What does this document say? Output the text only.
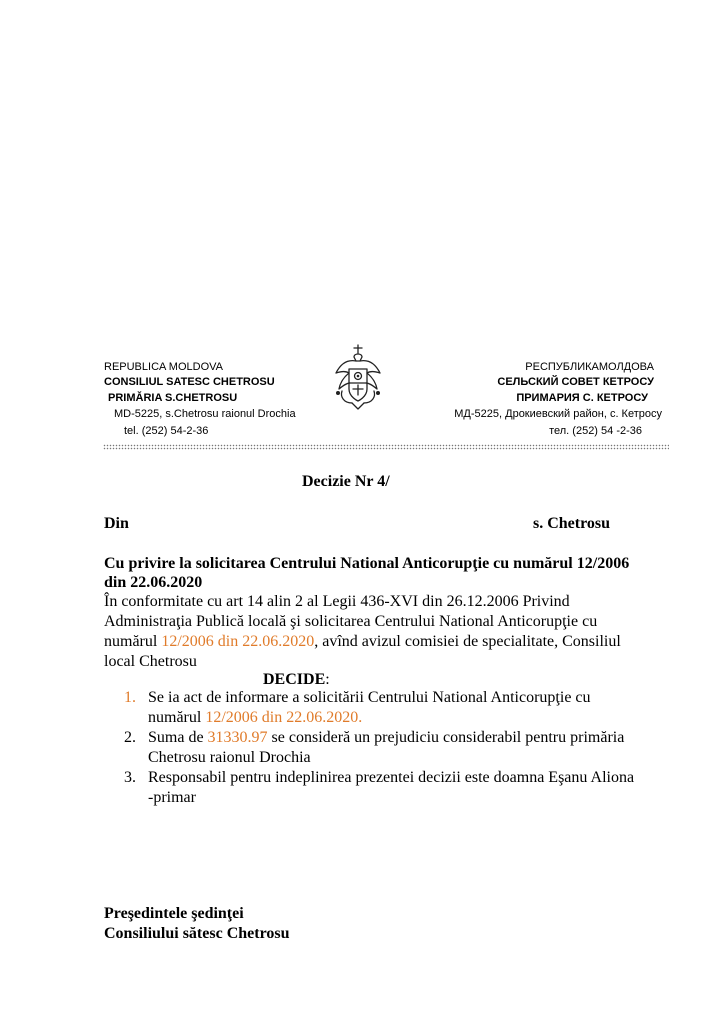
REPUBLICA MOLDOVA
CONSILIUL SATESC CHETROSU
PRIMĂRIA S.CHETROSU
MD-5225, s.Chetrosu raionul Drochia
tel. (252) 54-2-36
РЕСПУБЛИКАМОЛДОВА
СЕЛЬСКИЙ СОВЕТ КЕТРОСУ
ПРИМАРИЯ С. КЕТРОСУ
МД-5225, Дрокиевский район, с. Кетросу
тел. (252) 54 -2-36
Decizie Nr 4/
Din	s. Chetrosu
Cu privire la solicitarea Centrului National Anticorupţie cu numărul 12/2006
din 22.06.2020
În conformitate cu art 14 alin 2 al Legii 436-XVI din 26.12.2006 Privind
Administraţia Publică locală şi solicitarea Centrului National Anticorupţie cu
numărul 12/2006 din 22.06.2020, avînd avizul comisiei de specialitate, Consiliul
local Chetrosu
DECIDE:
1. Se ia act de informare a solicitării Centrului National Anticorupţie cu
numărul 12/2006 din 22.06.2020.
2. Suma de 31330.97 se consideră un prejudiciu considerabil pentru primăria
Chetrosu raionul Drochia
3. Responsabil pentru indeplinirea prezentei decizii este doamna Eşanu Aliona
-primar
Preşedintele şedinţei
Consiliului sătesc Chetrosu
